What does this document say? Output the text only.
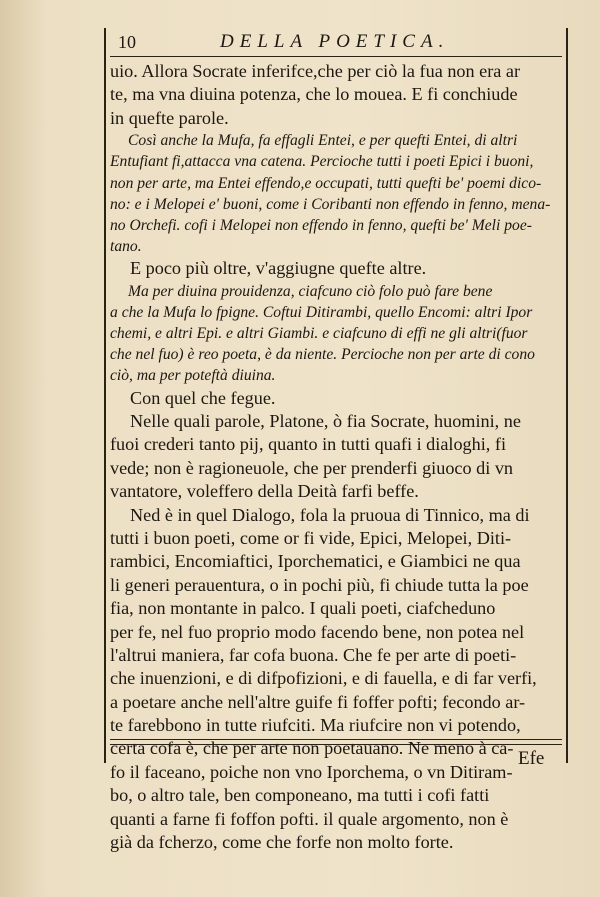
10	DELLA POETICA.
uio. Allora Socrate inferifce,che per ciò la fua non era ar
te, ma vna diuina potenza, che lo mouea. E fi conchiude
in quefte parole.
Così anche la Mufa, fa effagli Entei, e per quefti Entei, di altri
Entufiant fi,attacca vna catena. Percioche tutti i poeti Epici i buoni,
non per arte, ma Entei effendo,e occupati, tutti quefti be' poemi dico-
no: e i Melopei e' buoni, come i Coribanti non effendo in fenno, mena-
no Orchefi. cofi i Melopei non effendo in fenno, quefti be' Meli poe-
tano.
E poco più oltre, v'aggiugne quefte altre.
Ma per diuina prouidenza, ciafcuno ciò folo può fare bene
a che la Mufa lo fpigne. Coftui Ditirambi, quello Encomi: altri Ipor
chemi, e altri Epi. e altri Giambi. e ciafcuno di effi ne gli altri(fuor
che nel fuo) è reo poeta, è da niente. Percioche non per arte di cono
ciò, ma per poteftà diuina.
Con quel che fegue.
Nelle quali parole, Platone, ò fia Socrate, huomini, ne
fuoi crederi tanto pij, quanto in tutti quafi i dialoghi, fi
vede; non è ragioneuole, che per prenderfi giuoco di vn
vantatore, voleffero della Deità farfi beffe.
Ned è in quel Dialogo, fola la pruoua di Tinnico, ma di
tutti i buon poeti, come or fi vide, Epici, Melopei, Diti-
rambici, Encomiaftici, Iporchematici, e Giambici ne qua
li generi perauentura, o in pochi più, fi chiude tutta la poe
fia, non montante in palco. I quali poeti, ciafcheduno
per fe, nel fuo proprio modo facendo bene, non potea nel
l'altrui maniera, far cofa buona. Che fe per arte di poeti-
che inuenzioni, e di difpofizioni, e di fauella, e di far verfi,
a poetare anche nell'altre guife fi foffer pofti; fecondo ar-
te farebbono in tutte riufciti. Ma riufcire non vi potendo,
certa cofa è, che per arte non poetauano. Ne meno à ca-
fo il faceano, poiche non vno Iporchema, o vn Ditiram-
bo, o altro tale, ben componeano, ma tutti i cofi fatti
quanti a farne fi foffon pofti. il quale argomento, non è
già da fcherzo, come che forfe non molto forte.
Efe
